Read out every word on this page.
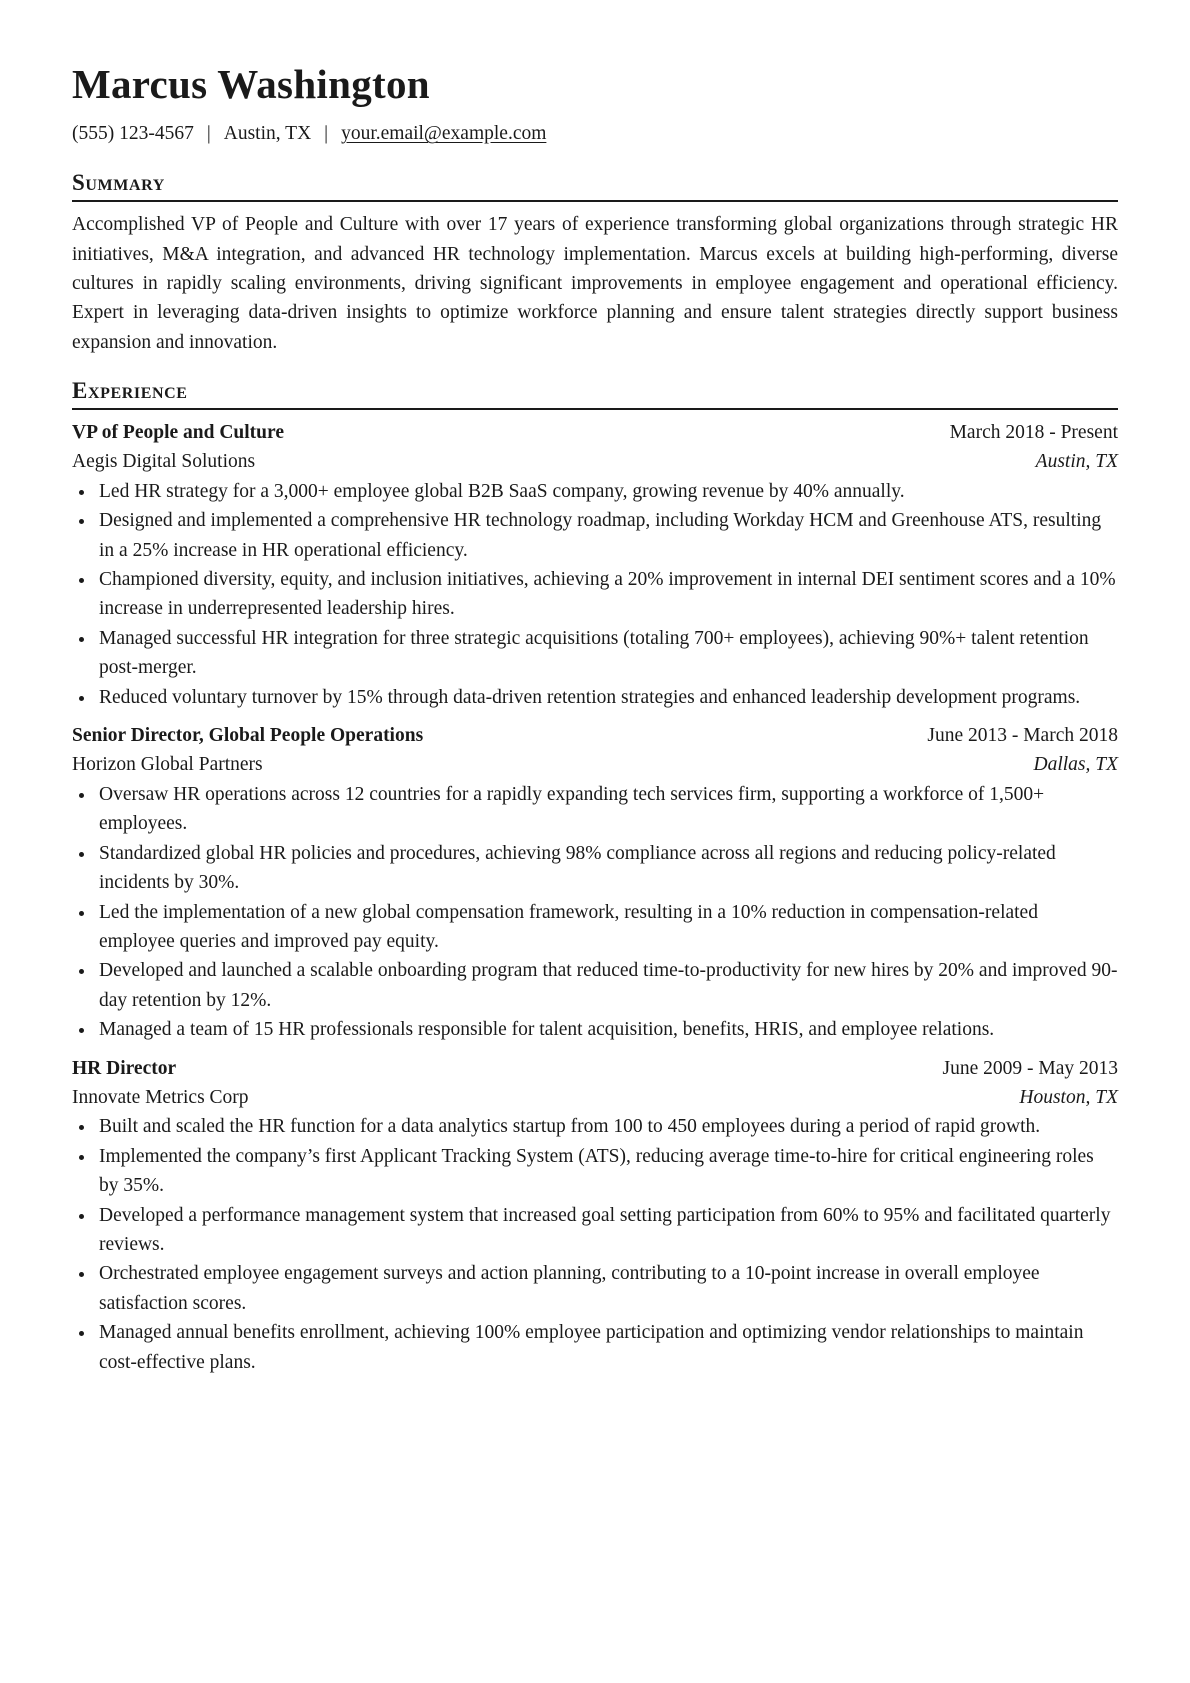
Marcus Washington
(555) 123-4567 | Austin, TX | your.email@example.com
Summary
Accomplished VP of People and Culture with over 17 years of experience transforming global organizations through strategic HR initiatives, M&A integration, and advanced HR technology implementation. Marcus excels at building high-performing, diverse cultures in rapidly scaling environments, driving significant improvements in employee engagement and operational efficiency. Expert in leveraging data-driven insights to optimize workforce planning and ensure talent strategies directly support business expansion and innovation.
Experience
VP of People and Culture	March 2018 - Present
Aegis Digital Solutions	Austin, TX
Led HR strategy for a 3,000+ employee global B2B SaaS company, growing revenue by 40% annually.
Designed and implemented a comprehensive HR technology roadmap, including Workday HCM and Greenhouse ATS, resulting in a 25% increase in HR operational efficiency.
Championed diversity, equity, and inclusion initiatives, achieving a 20% improvement in internal DEI sentiment scores and a 10% increase in underrepresented leadership hires.
Managed successful HR integration for three strategic acquisitions (totaling 700+ employees), achieving 90%+ talent retention post-merger.
Reduced voluntary turnover by 15% through data-driven retention strategies and enhanced leadership development programs.
Senior Director, Global People Operations	June 2013 - March 2018
Horizon Global Partners	Dallas, TX
Oversaw HR operations across 12 countries for a rapidly expanding tech services firm, supporting a workforce of 1,500+ employees.
Standardized global HR policies and procedures, achieving 98% compliance across all regions and reducing policy-related incidents by 30%.
Led the implementation of a new global compensation framework, resulting in a 10% reduction in compensation-related employee queries and improved pay equity.
Developed and launched a scalable onboarding program that reduced time-to-productivity for new hires by 20% and improved 90-day retention by 12%.
Managed a team of 15 HR professionals responsible for talent acquisition, benefits, HRIS, and employee relations.
HR Director	June 2009 - May 2013
Innovate Metrics Corp	Houston, TX
Built and scaled the HR function for a data analytics startup from 100 to 450 employees during a period of rapid growth.
Implemented the company’s first Applicant Tracking System (ATS), reducing average time-to-hire for critical engineering roles by 35%.
Developed a performance management system that increased goal setting participation from 60% to 95% and facilitated quarterly reviews.
Orchestrated employee engagement surveys and action planning, contributing to a 10-point increase in overall employee satisfaction scores.
Managed annual benefits enrollment, achieving 100% employee participation and optimizing vendor relationships to maintain cost-effective plans.
